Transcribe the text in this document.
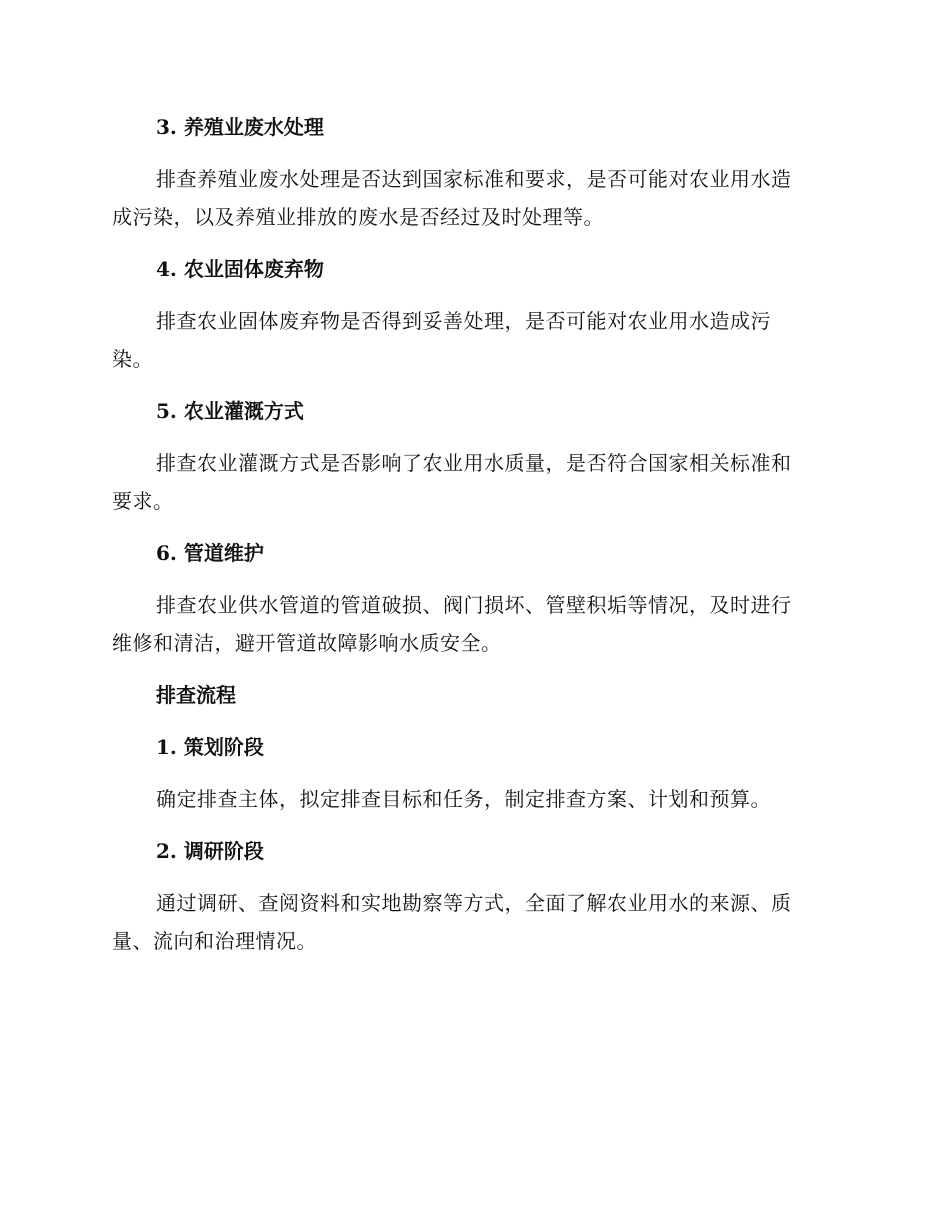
3. 养殖业废水处理
排查养殖业废水处理是否达到国家标准和要求，是否可能对农业用水造
成污染，以及养殖业排放的废水是否经过及时处理等。
4. 农业固体废弃物
排查农业固体废弃物是否得到妥善处理，是否可能对农业用水造成污
染。
5. 农业灌溉方式
排查农业灌溉方式是否影响了农业用水质量，是否符合国家相关标准和
要求。
6. 管道维护
排查农业供水管道的管道破损、阀门损坏、管壁积垢等情况，及时进行
维修和清洁，避开管道故障影响水质安全。
排查流程
1. 策划阶段
确定排查主体，拟定排查目标和任务，制定排查方案、计划和预算。
2. 调研阶段
通过调研、查阅资料和实地勘察等方式，全面了解农业用水的来源、质
量、流向和治理情况。
